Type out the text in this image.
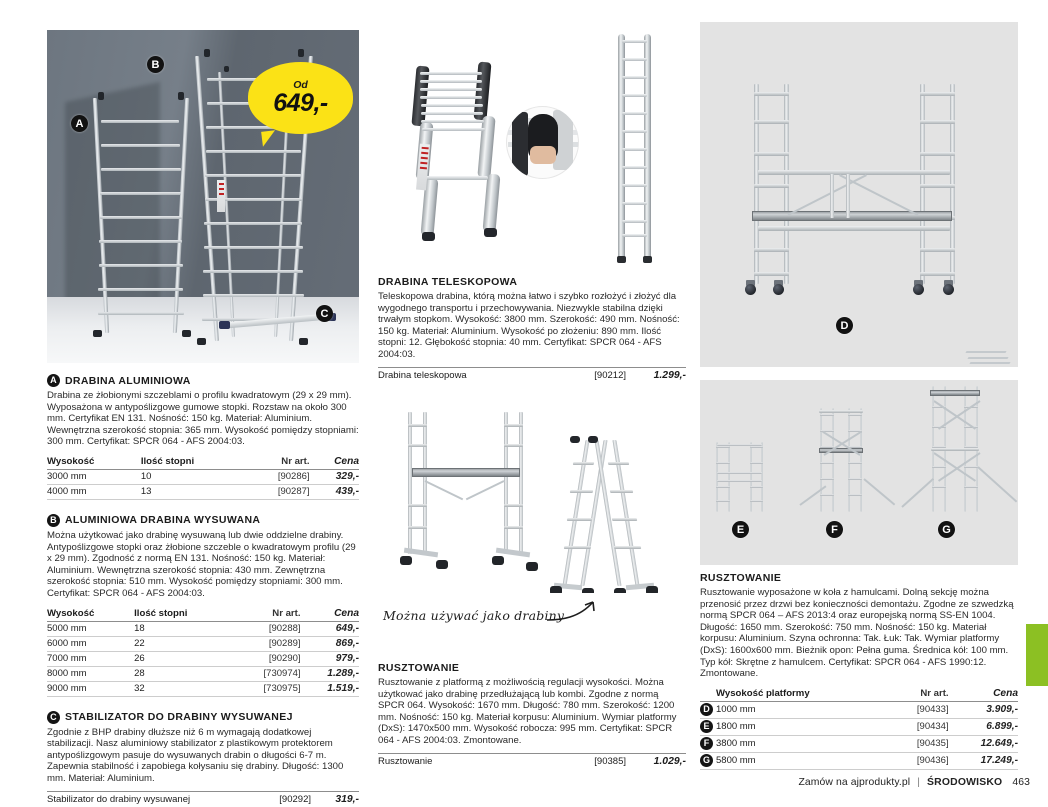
A
B
C
Od
649,-
DRABINA TELESKOPOWA

Teleskopowa drabina, którą można łatwo i szybko rozłożyć i złożyć dla wygodnego transportu i przechowywania. Niezwykle stabilna dzięki trwałym stopkom. Wysokość: 3800 mm. Szerokość: 490 mm. Nośność: 150 kg. Materiał: Aluminium. Wysokość po złożeniu: 890 mm. Ilość stopni: 12. Głębokość stopnia: 40 mm. Certyfikat: SPCR 064 - AFS 2004:03.

Drabina teleskopowa	[90212]	1.299,-
Można używać jako drabiny
RUSZTOWANIE

Rusztowanie z platformą z możliwością regulacji wysokości. Można użytkować jako drabinę przedłużającą lub kombi. Zgodne z normą SPCR 064. Wysokość: 1670 mm. Długość: 780 mm. Szerokość: 1200 mm. Nośność: 150 kg. Materiał korpusu: Aluminium. Wymiar platformy (DxS): 1470x500 mm. Wysokość robocza: 995 mm. Certyfikat: SPCR 064 - AFS 2004:03. Zmontowane.

Rusztowanie	[90385]	1.029,-
A DRABINA ALUMINIOWA

Drabina ze żłobionymi szczeblami o profilu kwadratowym (29 x 29 mm). Wyposażona w antypoślizgowe gumowe stopki. Rozstaw na około 300 mm. Certyfikat EN 131. Nośność: 150 kg. Materiał: Aluminium. Wewnętrzna szerokość stopnia: 365 mm. Wysokość pomiędzy stopniami: 300 mm. Certyfikat: SPCR 064 - AFS 2004:03.

Wysokość	Ilość stopni	Nr art.	Cena
3000 mm	10	[90286]	329,-
4000 mm	13	[90287]	439,-
B ALUMINIOWA DRABINA WYSUWANA

Można użytkować jako drabinę wysuwaną lub dwie oddzielne drabiny. Antypoślizgowe stopki oraz żłobione szczeble o kwadratowym profilu (29 x 29 mm). Zgodność z normą EN 131. Nośność: 150 kg. Materiał: Aluminium. Wewnętrzna szerokość stopnia: 430 mm. Zewnętrzna szerokość stopnia: 510 mm. Wysokość pomiędzy stopniami: 300 mm. Certyfikat: SPCR 064 - AFS 2004:03.

Wysokość	Ilość stopni	Nr art.	Cena
5000 mm	18	[90288]	649,-
6000 mm	22	[90289]	869,-
7000 mm	26	[90290]	979,-
8000 mm	28	[730974]	1.289,-
9000 mm	32	[730975]	1.519,-
C STABILIZATOR DO DRABINY WYSUWANEJ

Zgodnie z BHP drabiny dłuższe niż 6 m wymagają dodatkowej stabilizacji. Nasz aluminiowy stabilizator z plastikowym protektorem antypoślizgowym pasuje do wysuwanych drabin o długości 6-7 m. Zapewnia stabilność i zapobiega kołysaniu się drabiny. Długość: 1300 mm. Materiał: Aluminium.

Stabilizator do drabiny wysuwanej	[90292]	319,-
D
E	F	G
RUSZTOWANIE

Rusztowanie wyposażone w koła z hamulcami. Dolną sekcję można przenosić przez drzwi bez konieczności demontażu. Zgodne ze szwedzką normą SPCR 064 – AFS 2013:4 oraz europejską normą SS-EN 1004. Długość: 1650 mm. Szerokość: 750 mm. Nośność: 150 kg. Materiał korpusu: Aluminium. Szyna ochronna: Tak. Łuk: Tak. Wymiar platformy (DxS): 1600x600 mm. Bieżnik opon: Pełna guma. Średnica kół: 100 mm. Typ kół: Skrętne z hamulcem. Certyfikat: SPCR 064 - AFS 1990:12. Zmontowane.

	Wysokość platformy	Nr art.	Cena
D	1000 mm	[90433]	3.909,-
E	1800 mm	[90434]	6.899,-
F	3800 mm	[90435]	12.649,-
G	5800 mm	[90436]	17.249,-
Zamów na ajprodukty.pl | ŚRODOWISKO 463
